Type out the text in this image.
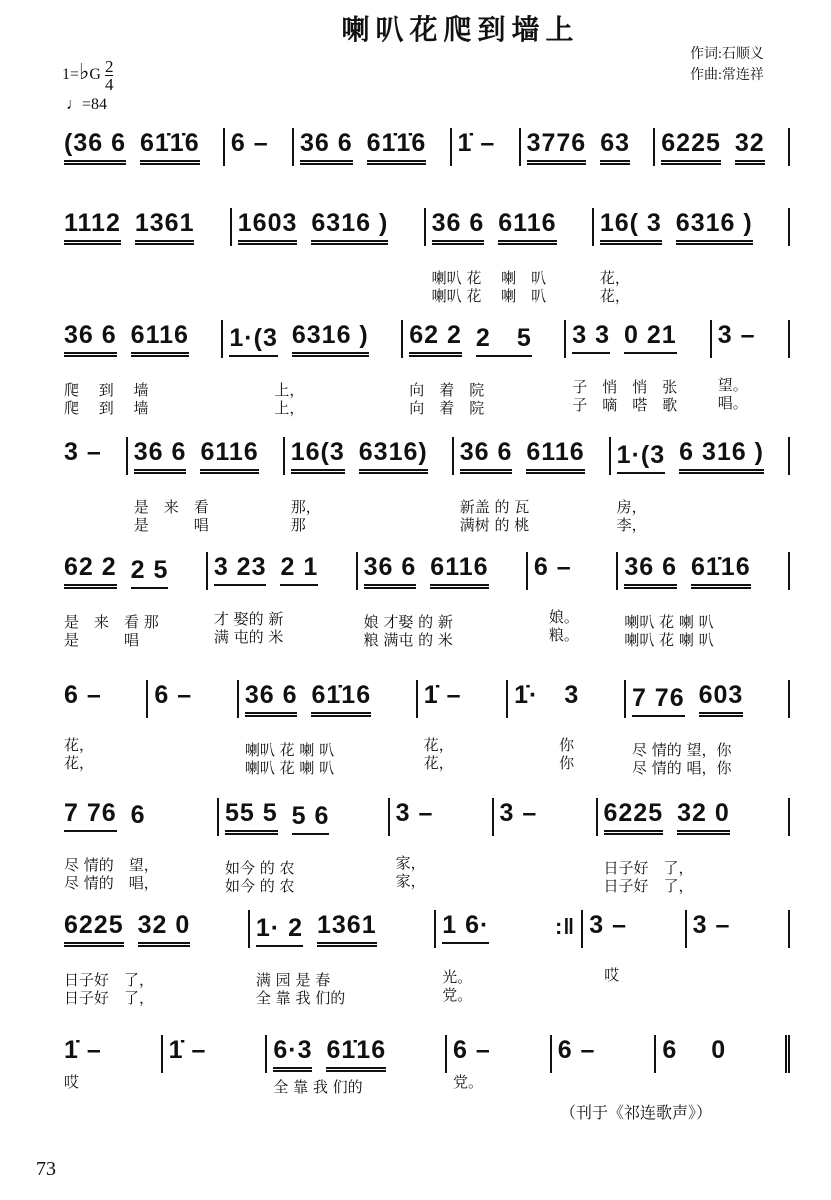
喇叭花爬到墙上
1=♭G $\frac{2}{4}$
♩=84
作词:石顺义
作曲:常连祥
(36 6 61̇1̇6 6 – 36 6 61̇1̇6 1̇ – 3776 63 6225 32
1112 1361 1603 6316 ) 36 6 6116
喇叭 花　 喇　叭
喇叭 花　 喇　叭
16( 3 6316 )
花，
花，
36 6 6116
爬　 到　 墙
爬　 到　 墙
1·(3 6316 )
　　　上，
　　　上，
62 2 2　5
向　着　院
向　着　院
3 3 0 21
子　悄　悄　张
子　嘀　嗒　歌
3 –
望。
唱。
3 – 36 6 6116
是　来　看
是　　　唱
16(3 6316)
那，
那
36 6 6116
新盖 的 瓦
满树 的 桃
1·(3 6 316 )
房，
李，
62 2 2 5
是　来　看 那
是　　　唱
3 23 2 1
才 娶的 新
满 屯的 米
36 6 6116
娘 才娶 的 新
粮 满屯 的 米
6 –
　娘。
　粮。
36 6 61̇16
喇叭 花 喇 叭
喇叭 花 喇 叭
6 –
花，
花，
6 – 36 6 61̇16
喇叭 花 喇 叭
喇叭 花 喇 叭
1̇ –
花，
花，
1̇·　3
　　　你
　　　你
7 76 603
尽 情的 望，你
尽 情的 唱，你
7 76 6
尽 情的　望，
尽 情的　唱，
55 5 5 6
如今 的 农
如今 的 农
3 –
家，
家，
3 –	6225 32 0
日子好　了，
日子好　了，
6225 32 0
日子好　了，
日子好　了，
1· 2 1361
满 园 是 春
全 靠 我 们的
1 6·	:‖
光。
党。
3 –
　哎
3 –
1̇ –
哎
1̇ –	6·3 61̇16
全 靠 我 们的
6 –
党。
6 –	6　 0
（刊于《祁连歌声》）
73
